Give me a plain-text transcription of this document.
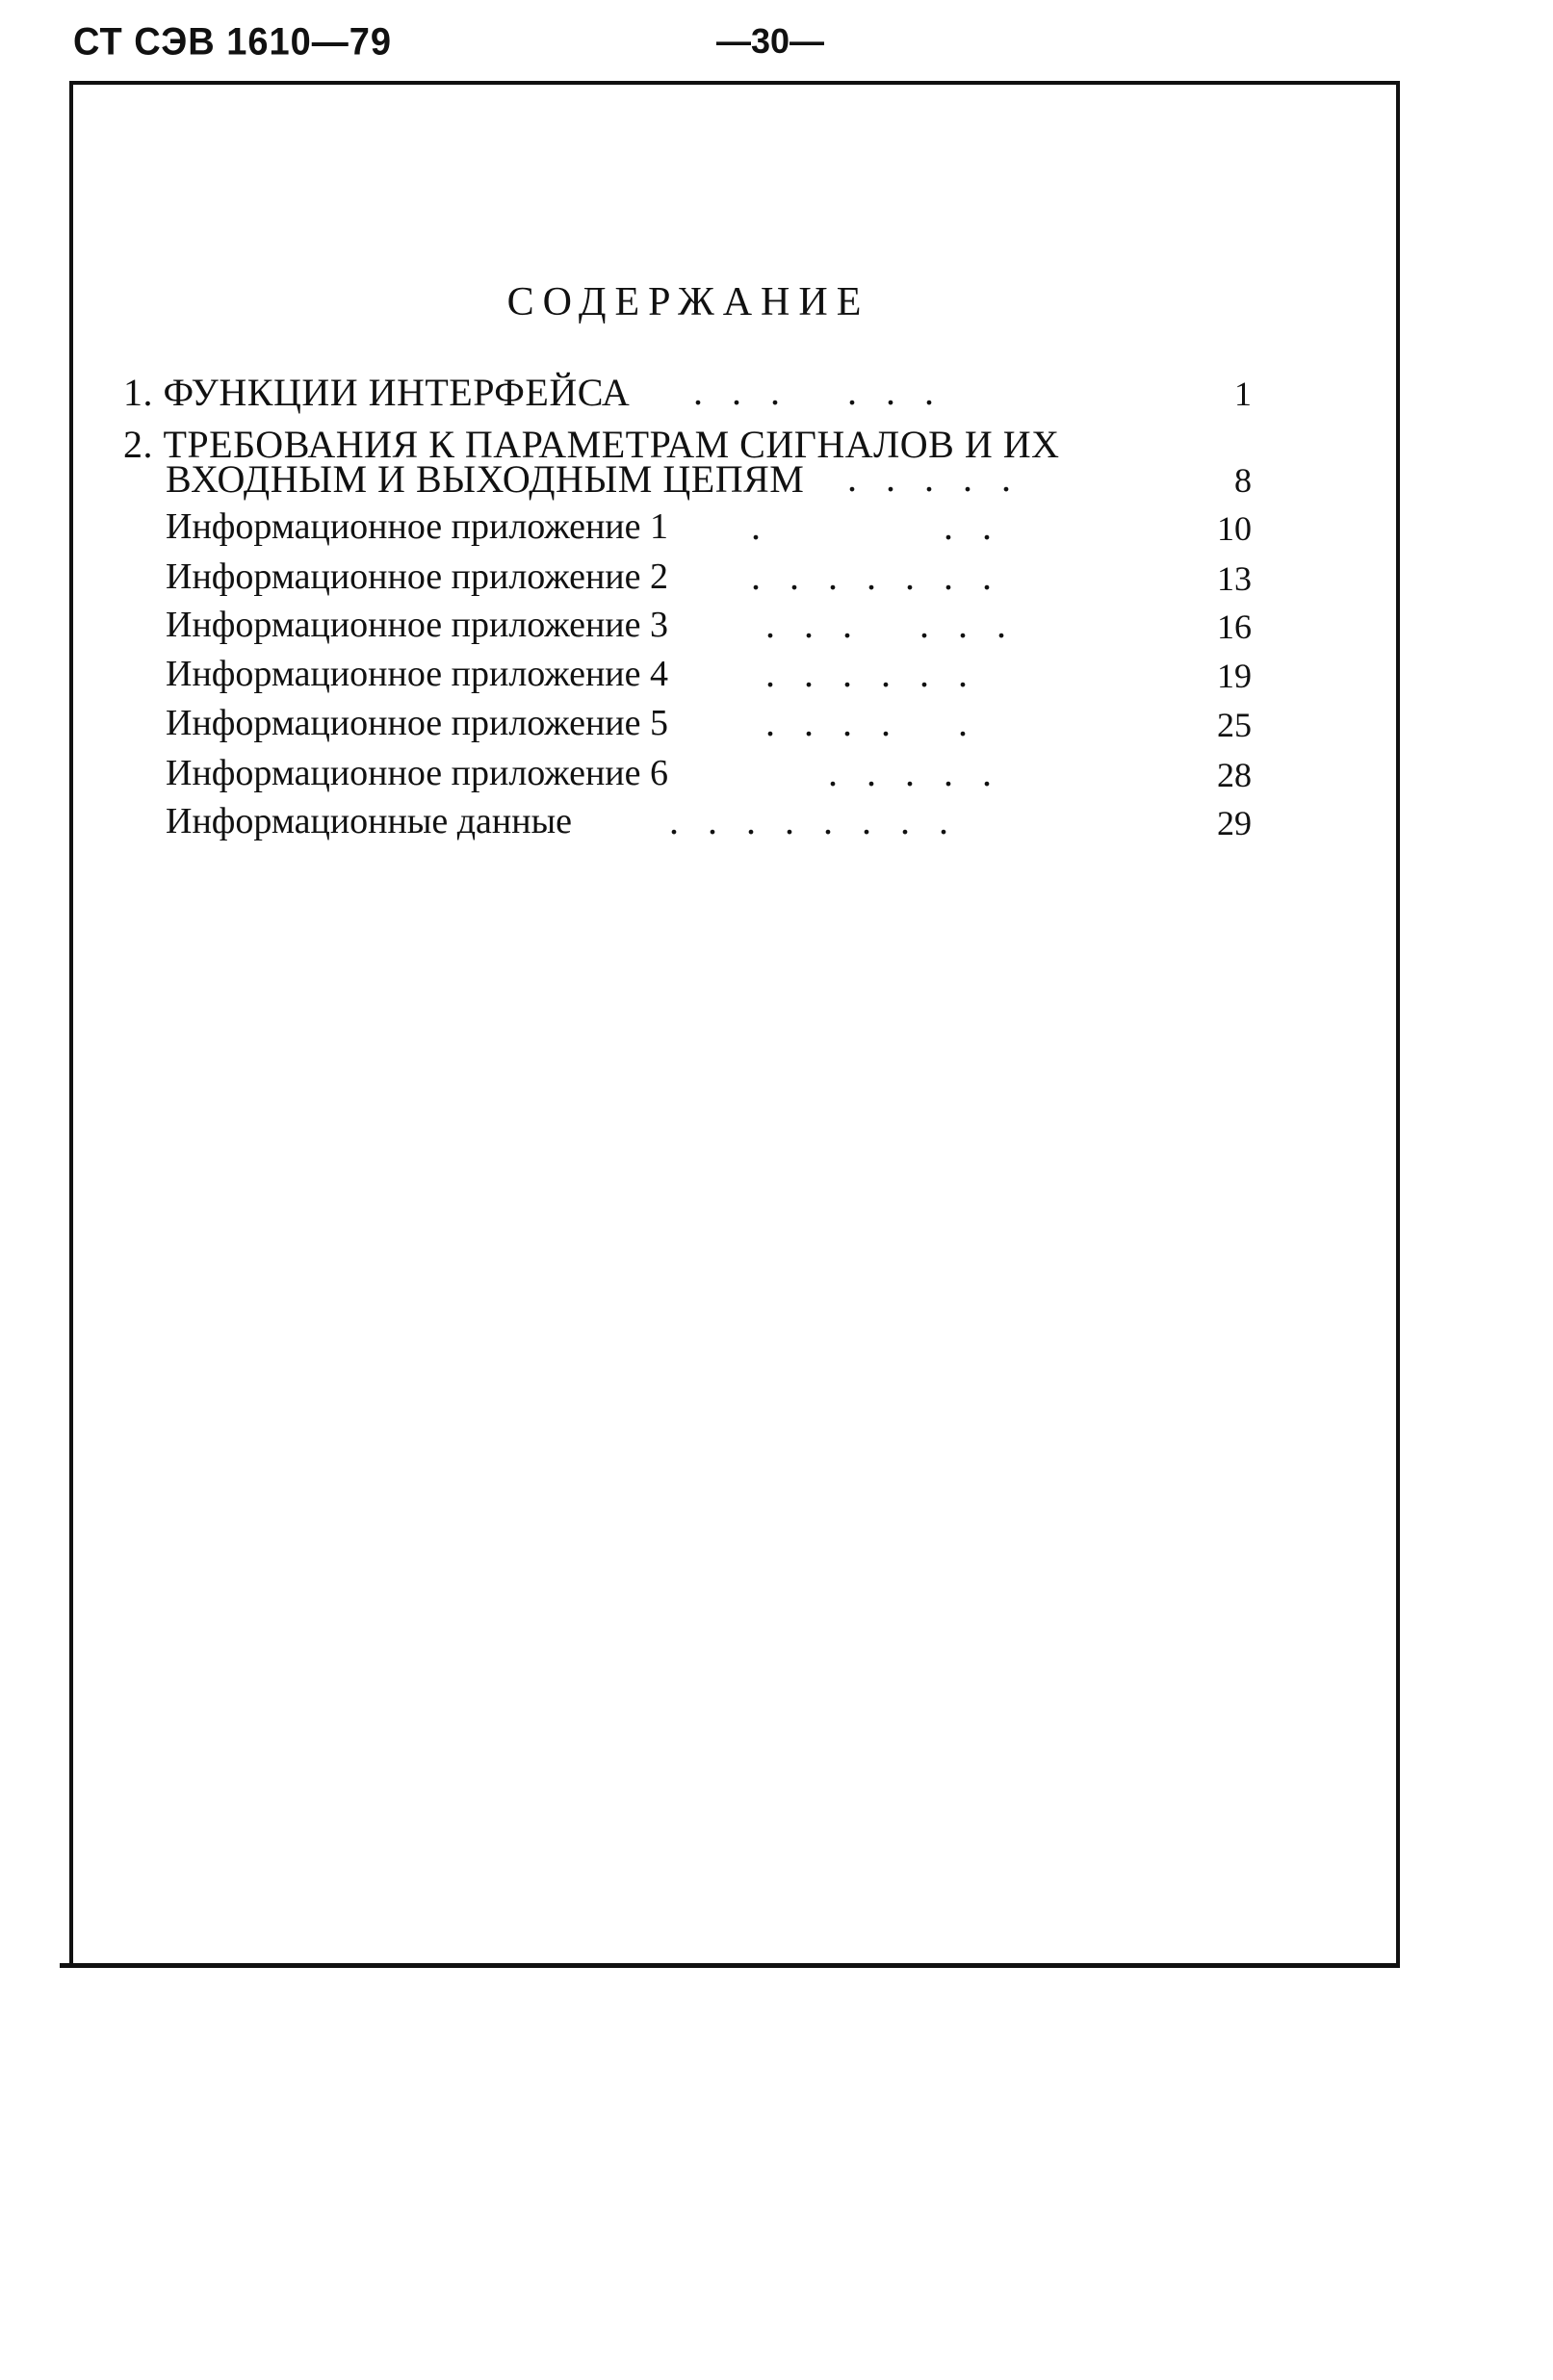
СТ СЭВ 1610—79	—30—
СОДЕРЖАНИЕ
1. ФУНКЦИИ ИНТЕРФЕЙСА .   .   .       .   .   .	1
2. ТРЕБОВАНИЯ К ПАРАМЕТРАМ СИГНАЛОВ И ИХ
ВХОДНЫМ И ВЫХОДНЫМ ЦЕПЯМ .   .   .   .   .	8
Информационное приложение 1 .                   .   .	10
Информационное приложение 2 .   .   .   .   .   .   .	13
Информационное приложение 3	.   .   .       .   .   .	16
Информационное приложение 4	.   .   .   .   .   .	19
Информационное приложение 5	.   .   .   .       .	25
Информационное приложение 6	.   .   .   .   .	28
Информационные данные	.   .   .   .   .   .   .   .	29
